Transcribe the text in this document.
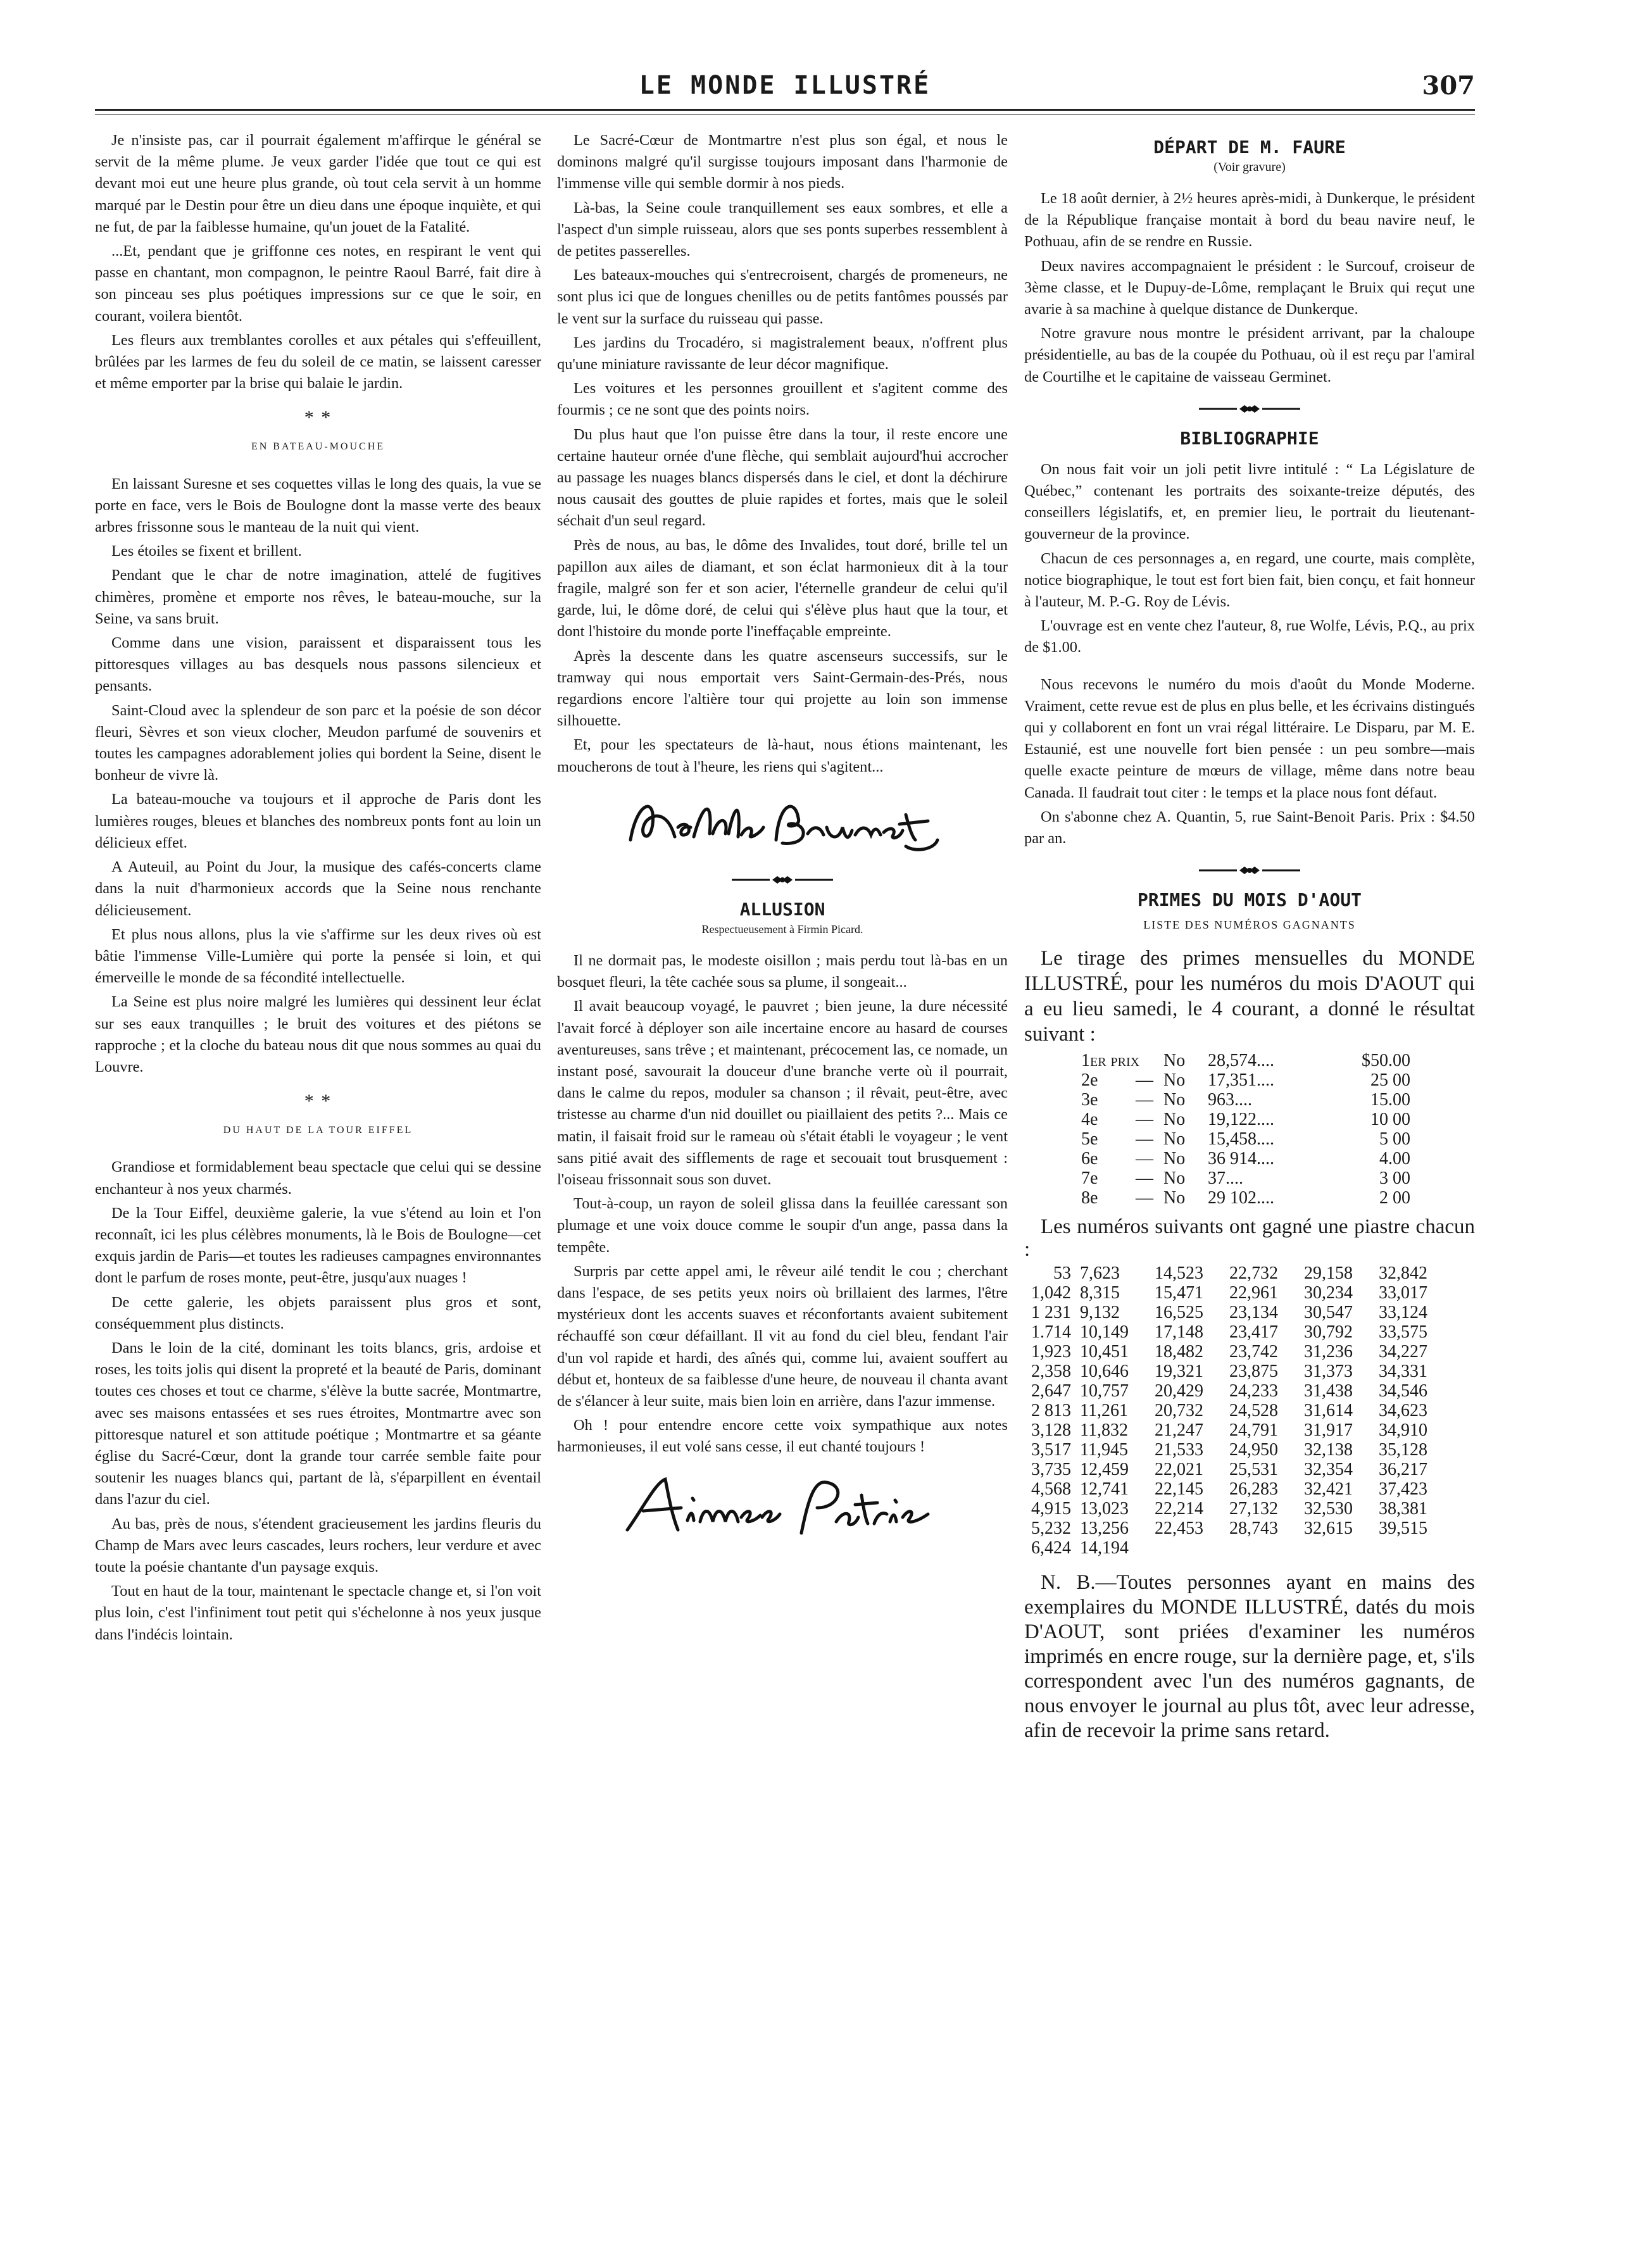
LE MONDE ILLUSTRÉ	307

Je n'insiste pas, car il pourrait également m'affirque le général se servit de la même plume. Je veux garder l'idée que tout ce qui est devant moi eut une heure plus grande, où tout cela servit à un homme marqué par le Destin pour être un dieu dans une époque inquiète, et qui ne fut, de par la faiblesse humaine, qu'un jouet de la Fatalité.

...Et, pendant que je griffonne ces notes, en respirant le vent qui passe en chantant, mon compagnon, le peintre Raoul Barré, fait dire à son pinceau ses plus poétiques impressions sur ce que le soir, en courant, voilera bientôt.

Les fleurs aux tremblantes corolles et aux pétales qui s'effeuillent, brûlées par les larmes de feu du soleil de ce matin, se laissent caresser et même emporter par la brise qui balaie le jardin.

* *
EN BATEAU-MOUCHE

En laissant Suresne et ses coquettes villas le long des quais, la vue se porte en face, vers le Bois de Boulogne dont la masse verte des beaux arbres frissonne sous le manteau de la nuit qui vient.

Les étoiles se fixent et brillent.

Pendant que le char de notre imagination, attelé de fugitives chimères, promène et emporte nos rêves, le bateau-mouche, sur la Seine, va sans bruit.

Comme dans une vision, paraissent et disparaissent tous les pittoresques villages au bas desquels nous passons silencieux et pensants.

Saint-Cloud avec la splendeur de son parc et la poésie de son décor fleuri, Sèvres et son vieux clocher, Meudon parfumé de souvenirs et toutes les campagnes adorablement jolies qui bordent la Seine, disent le bonheur de vivre là.

La bateau-mouche va toujours et il approche de Paris dont les lumières rouges, bleues et blanches des nombreux ponts font au loin un délicieux effet.

A Auteuil, au Point du Jour, la musique des cafés-concerts clame dans la nuit d'harmonieux accords que la Seine nous renchante délicieusement.

Et plus nous allons, plus la vie s'affirme sur les deux rives où est bâtie l'immense Ville-Lumière qui porte la pensée si loin, et qui émerveille le monde de sa fécondité intellectuelle.

La Seine est plus noire malgré les lumières qui dessinent leur éclat sur ses eaux tranquilles ; le bruit des voitures et des piétons se rapproche ; et la cloche du bateau nous dit que nous sommes au quai du Louvre.

* *
DU HAUT DE LA TOUR EIFFEL

Grandiose et formidablement beau spectacle que celui qui se dessine enchanteur à nos yeux charmés.

De la Tour Eiffel, deuxième galerie, la vue s'étend au loin et l'on reconnaît, ici les plus célèbres monuments, là le Bois de Boulogne—cet exquis jardin de Paris—et toutes les radieuses campagnes environnantes dont le parfum de roses monte, peut-être, jusqu'aux nuages !

De cette galerie, les objets paraissent plus gros et sont, conséquemment plus distincts.

Dans le loin de la cité, dominant les toits blancs, gris, ardoise et roses, les toits jolis qui disent la propreté et la beauté de Paris, dominant toutes ces choses et tout ce charme, s'élève la butte sacrée, Montmartre, avec ses maisons entassées et ses rues étroites, Montmartre avec son pittoresque naturel et son attitude poétique ; Montmartre et sa géante église du Sacré-Cœur, dont la grande tour carrée semble faite pour soutenir les nuages blancs qui, partant de là, s'éparpillent en éventail dans l'azur du ciel.

Au bas, près de nous, s'étendent gracieusement les jardins fleuris du Champ de Mars avec leurs cascades, leurs rochers, leur verdure et avec toute la poésie chantante d'un paysage exquis.

Tout en haut de la tour, maintenant le spectacle change et, si l'on voit plus loin, c'est l'infiniment tout petit qui s'échelonne à nos yeux jusque dans l'indécis lointain.

Le Sacré-Cœur de Montmartre n'est plus son égal, et nous le dominons malgré qu'il surgisse toujours imposant dans l'harmonie de l'immense ville qui semble dormir à nos pieds.

Là-bas, la Seine coule tranquillement ses eaux sombres, et elle a l'aspect d'un simple ruisseau, alors que ses ponts superbes ressemblent à de petites passerelles.

Les bateaux-mouches qui s'entrecroisent, chargés de promeneurs, ne sont plus ici que de longues chenilles ou de petits fantômes poussés par le vent sur la surface du ruisseau qui passe.

Les jardins du Trocadéro, si magistralement beaux, n'offrent plus qu'une miniature ravissante de leur décor magnifique.

Les voitures et les personnes grouillent et s'agitent comme des fourmis ; ce ne sont que des points noirs.

Du plus haut que l'on puisse être dans la tour, il reste encore une certaine hauteur ornée d'une flèche, qui semblait aujourd'hui accrocher au passage les nuages blancs dispersés dans le ciel, et dont la déchirure nous causait des gouttes de pluie rapides et fortes, mais que le soleil séchait d'un seul regard.

Près de nous, au bas, le dôme des Invalides, tout doré, brille tel un papillon aux ailes de diamant, et son éclat harmonieux dit à la tour fragile, malgré son fer et son acier, l'éternelle grandeur de celui qu'il garde, lui, le dôme doré, de celui qui s'élève plus haut que la tour, et dont l'histoire du monde porte l'ineffaçable empreinte.

Après la descente dans les quatre ascenseurs successifs, sur le tramway qui nous emportait vers Saint-Germain-des-Prés, nous regardions encore l'altière tour qui projette au loin son immense silhouette.

Et, pour les spectateurs de là-haut, nous étions maintenant, les moucherons de tout à l'heure, les riens qui s'agitent...

ALLUSION
Respectueusement à Firmin Picard.

Il ne dormait pas, le modeste oisillon ; mais perdu tout là-bas en un bosquet fleuri, la tête cachée sous sa plume, il songeait...

Il avait beaucoup voyagé, le pauvret ; bien jeune, la dure nécessité l'avait forcé à déployer son aile incertaine encore au hasard de courses aventureuses, sans trêve ; et maintenant, précocement las, ce nomade, un instant posé, savourait la douceur d'une branche verte où il pourrait, dans le calme du repos, moduler sa chanson ; il rêvait, peut-être, avec tristesse au charme d'un nid douillet ou piaillaient des petits ?... Mais ce matin, il faisait froid sur le rameau où s'était établi le voyageur ; le vent sans pitié avait des sifflements de rage et secouait tout brusquement : l'oiseau frissonnait sous son duvet.

Tout-à-coup, un rayon de soleil glissa dans la feuillée caressant son plumage et une voix douce comme le soupir d'un ange, passa dans la tempête.

Surpris par cette appel ami, le rêveur ailé tendit le cou ; cherchant dans l'espace, de ses petits yeux noirs où brillaient des larmes, l'être mystérieux dont les accents suaves et réconfortants avaient subitement réchauffé son cœur défaillant. Il vit au fond du ciel bleu, fendant l'air d'un vol rapide et hardi, des aînés qui, comme lui, avaient souffert au début et, honteux de sa faiblesse d'une heure, de nouveau il chanta avant de s'élancer à leur suite, mais bien loin en arrière, dans l'azur immense.

Oh ! pour entendre encore cette voix sympathique aux notes harmonieuses, il eut volé sans cesse, il eut chanté toujours !

DÉPART DE M. FAURE
(Voir gravure)

Le 18 août dernier, à 2½ heures après-midi, à Dunkerque, le président de la République française montait à bord du beau navire neuf, le Pothuau, afin de se rendre en Russie.

Deux navires accompagnaient le président : le Surcouf, croiseur de 3ème classe, et le Dupuy-de-Lôme, remplaçant le Bruix qui reçut une avarie à sa machine à quelque distance de Dunkerque.

Notre gravure nous montre le président arrivant, par la chaloupe présidentielle, au bas de la coupée du Pothuau, où il est reçu par l'amiral de Courtilhe et le capitaine de vaisseau Germinet.

BIBLIOGRAPHIE

On nous fait voir un joli petit livre intitulé : “ La Législature de Québec,” contenant les portraits des soixante-treize députés, des conseillers législatifs, et, en premier lieu, le portrait du lieutenant-gouverneur de la province.

Chacun de ces personnages a, en regard, une courte, mais complète, notice biographique, le tout est fort bien fait, bien conçu, et fait honneur à l'auteur, M. P.-G. Roy de Lévis.

L'ouvrage est en vente chez l'auteur, 8, rue Wolfe, Lévis, P.Q., au prix de $1.00.

Nous recevons le numéro du mois d'août du Monde Moderne. Vraiment, cette revue est de plus en plus belle, et les écrivains distingués qui y collaborent en font un vrai régal littéraire. Le Disparu, par M. E. Estaunié, est une nouvelle fort bien pensée : un peu sombre—mais quelle exacte peinture de mœurs de village, même dans notre beau Canada. Il faudrait tout citer : le temps et la place nous font défaut.

On s'abonne chez A. Quantin, 5, rue Saint-Benoit Paris. Prix : $4.50 par an.

PRIMES DU MOIS D'AOUT
LISTE DES NUMÉROS GAGNANTS

Le tirage des primes mensuelles du MONDE ILLUSTRÉ, pour les numéros du mois D'AOUT qui a eu lieu samedi, le 4 courant, a donné le résultat suivant :

1er prix	No	28,574....	$50.00
2e	— No	17,351....	25 00
3e	— No	963....	15.00
4e	— No	19,122....	10 00
5e	— No	15,458....	5 00
6e	— No	36 914....	4.00
7e	— No	37....	3 00
8e	— No	29 102....	2 00

Les numéros suivants ont gagné une piastre chacun :

53 7,623	14,523	22,732	29,158	32,842
1,042 8,315	15,471	22,961	30,234	33,017
1 231 9,132	16,525	23,134	30,547	33,124
1.714 10,149	17,148	23,417	30,792	33,575
1,923 10,451	18,482	23,742	31,236	34,227
2,358 10,646	19,321	23,875	31,373	34,331
2,647 10,757	20,429	24,233	31,438	34,546
2 813 11,261	20,732	24,528	31,614	34,623
3,128 11,832	21,247	24,791	31,917	34,910
3,517 11,945	21,533	24,950	32,138	35,128
3,735 12,459	22,021	25,531	32,354	36,217
4,568 12,741	22,145	26,283	32,421	37,423
4,915 13,023	22,214	27,132	32,530	38,381
5,232 13,256	22,453	28,743	32,615	39,515
6,424 14,194

N. B.—Toutes personnes ayant en mains des exemplaires du MONDE ILLUSTRÉ, datés du mois D'AOUT, sont priées d'examiner les numéros imprimés en encre rouge, sur la dernière page, et, s'ils correspondent avec l'un des numéros gagnants, de nous envoyer le journal au plus tôt, avec leur adresse, afin de recevoir la prime sans retard.
